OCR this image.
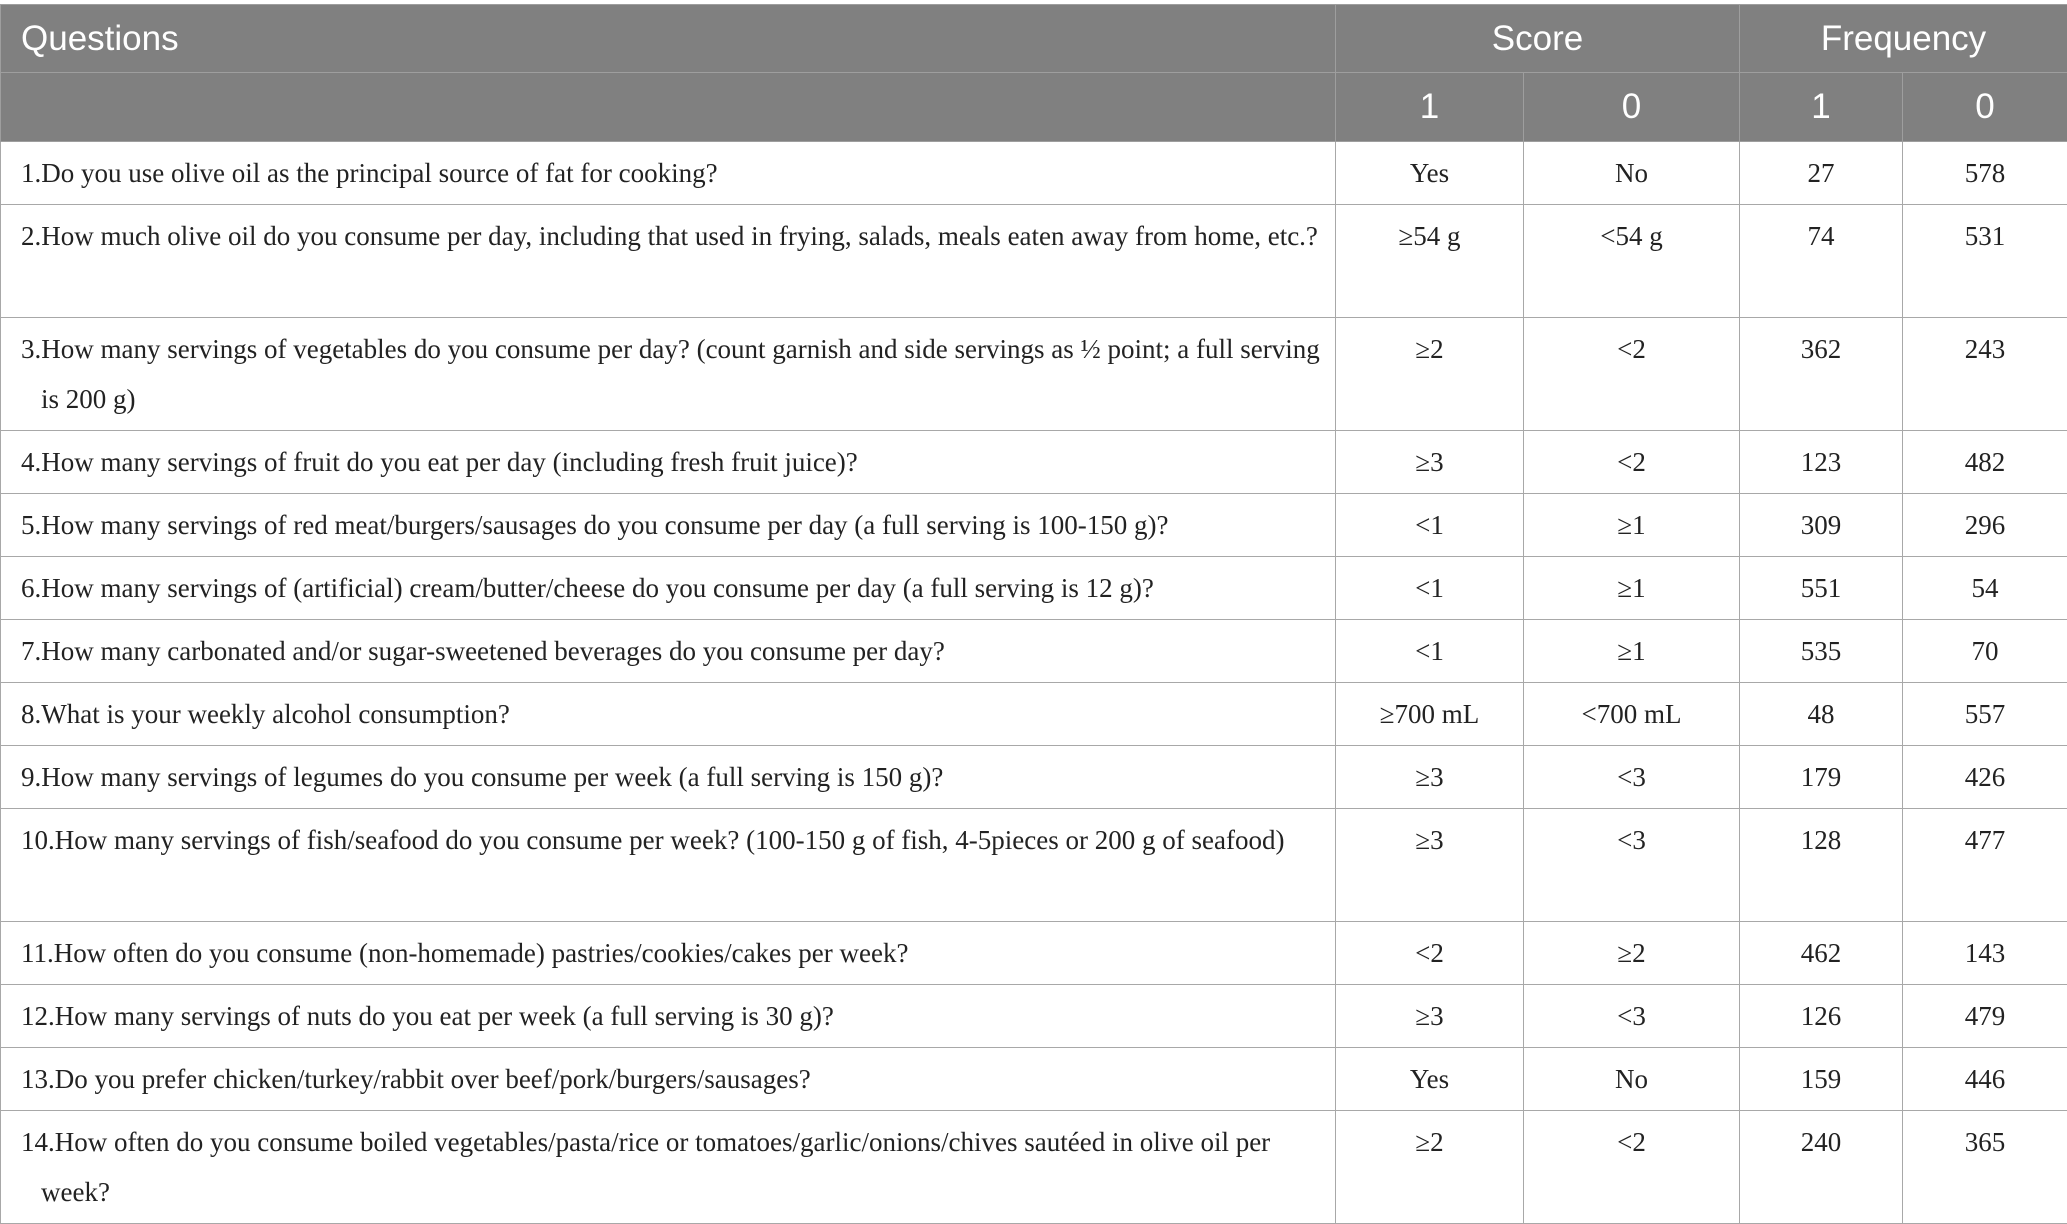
Questions	Score		Frequency	
	1	0	1	0

1.Do you use olive oil as the principal source of fat for cooking?	Yes	No	27	578

2.How much olive oil do you consume per day, including that used in frying, salads, meals eaten away from home, etc.?	≥54 g	<54 g	74	531

3.How many servings of vegetables do you consume per day? (count garnish and side servings as ½ point; a full serving is 200 g)	≥2	<2	362	243

4.How many servings of fruit do you eat per day (including fresh fruit juice)?	≥3	<2	123	482

5.How many servings of red meat/burgers/sausages do you consume per day (a full serving is 100-150 g)?	<1	≥1	309	296

6.How many servings of (artificial) cream/butter/cheese do you consume per day (a full serving is 12 g)?	<1	≥1	551	54

7.How many carbonated and/or sugar-sweetened beverages do you consume per day?	<1	≥1	535	70

8.What is your weekly alcohol consumption?	≥700 mL	<700 mL	48	557

9.How many servings of legumes do you consume per week (a full serving is 150 g)?	≥3	<3	179	426

10.How many servings of fish/seafood do you consume per week? (100-150 g of fish, 4-5pieces or 200 g of seafood)	≥3	<3	128	477

11.How often do you consume (non-homemade) pastries/cookies/cakes per week?	<2	≥2	462	143

12.How many servings of nuts do you eat per week (a full serving is 30 g)?	≥3	<3	126	479

13.Do you prefer chicken/turkey/rabbit over beef/pork/burgers/sausages?	Yes	No	159	446

14.How often do you consume boiled vegetables/pasta/rice or tomatoes/garlic/onions/chives sautéed in olive oil per week?	≥2	<2	240	365
